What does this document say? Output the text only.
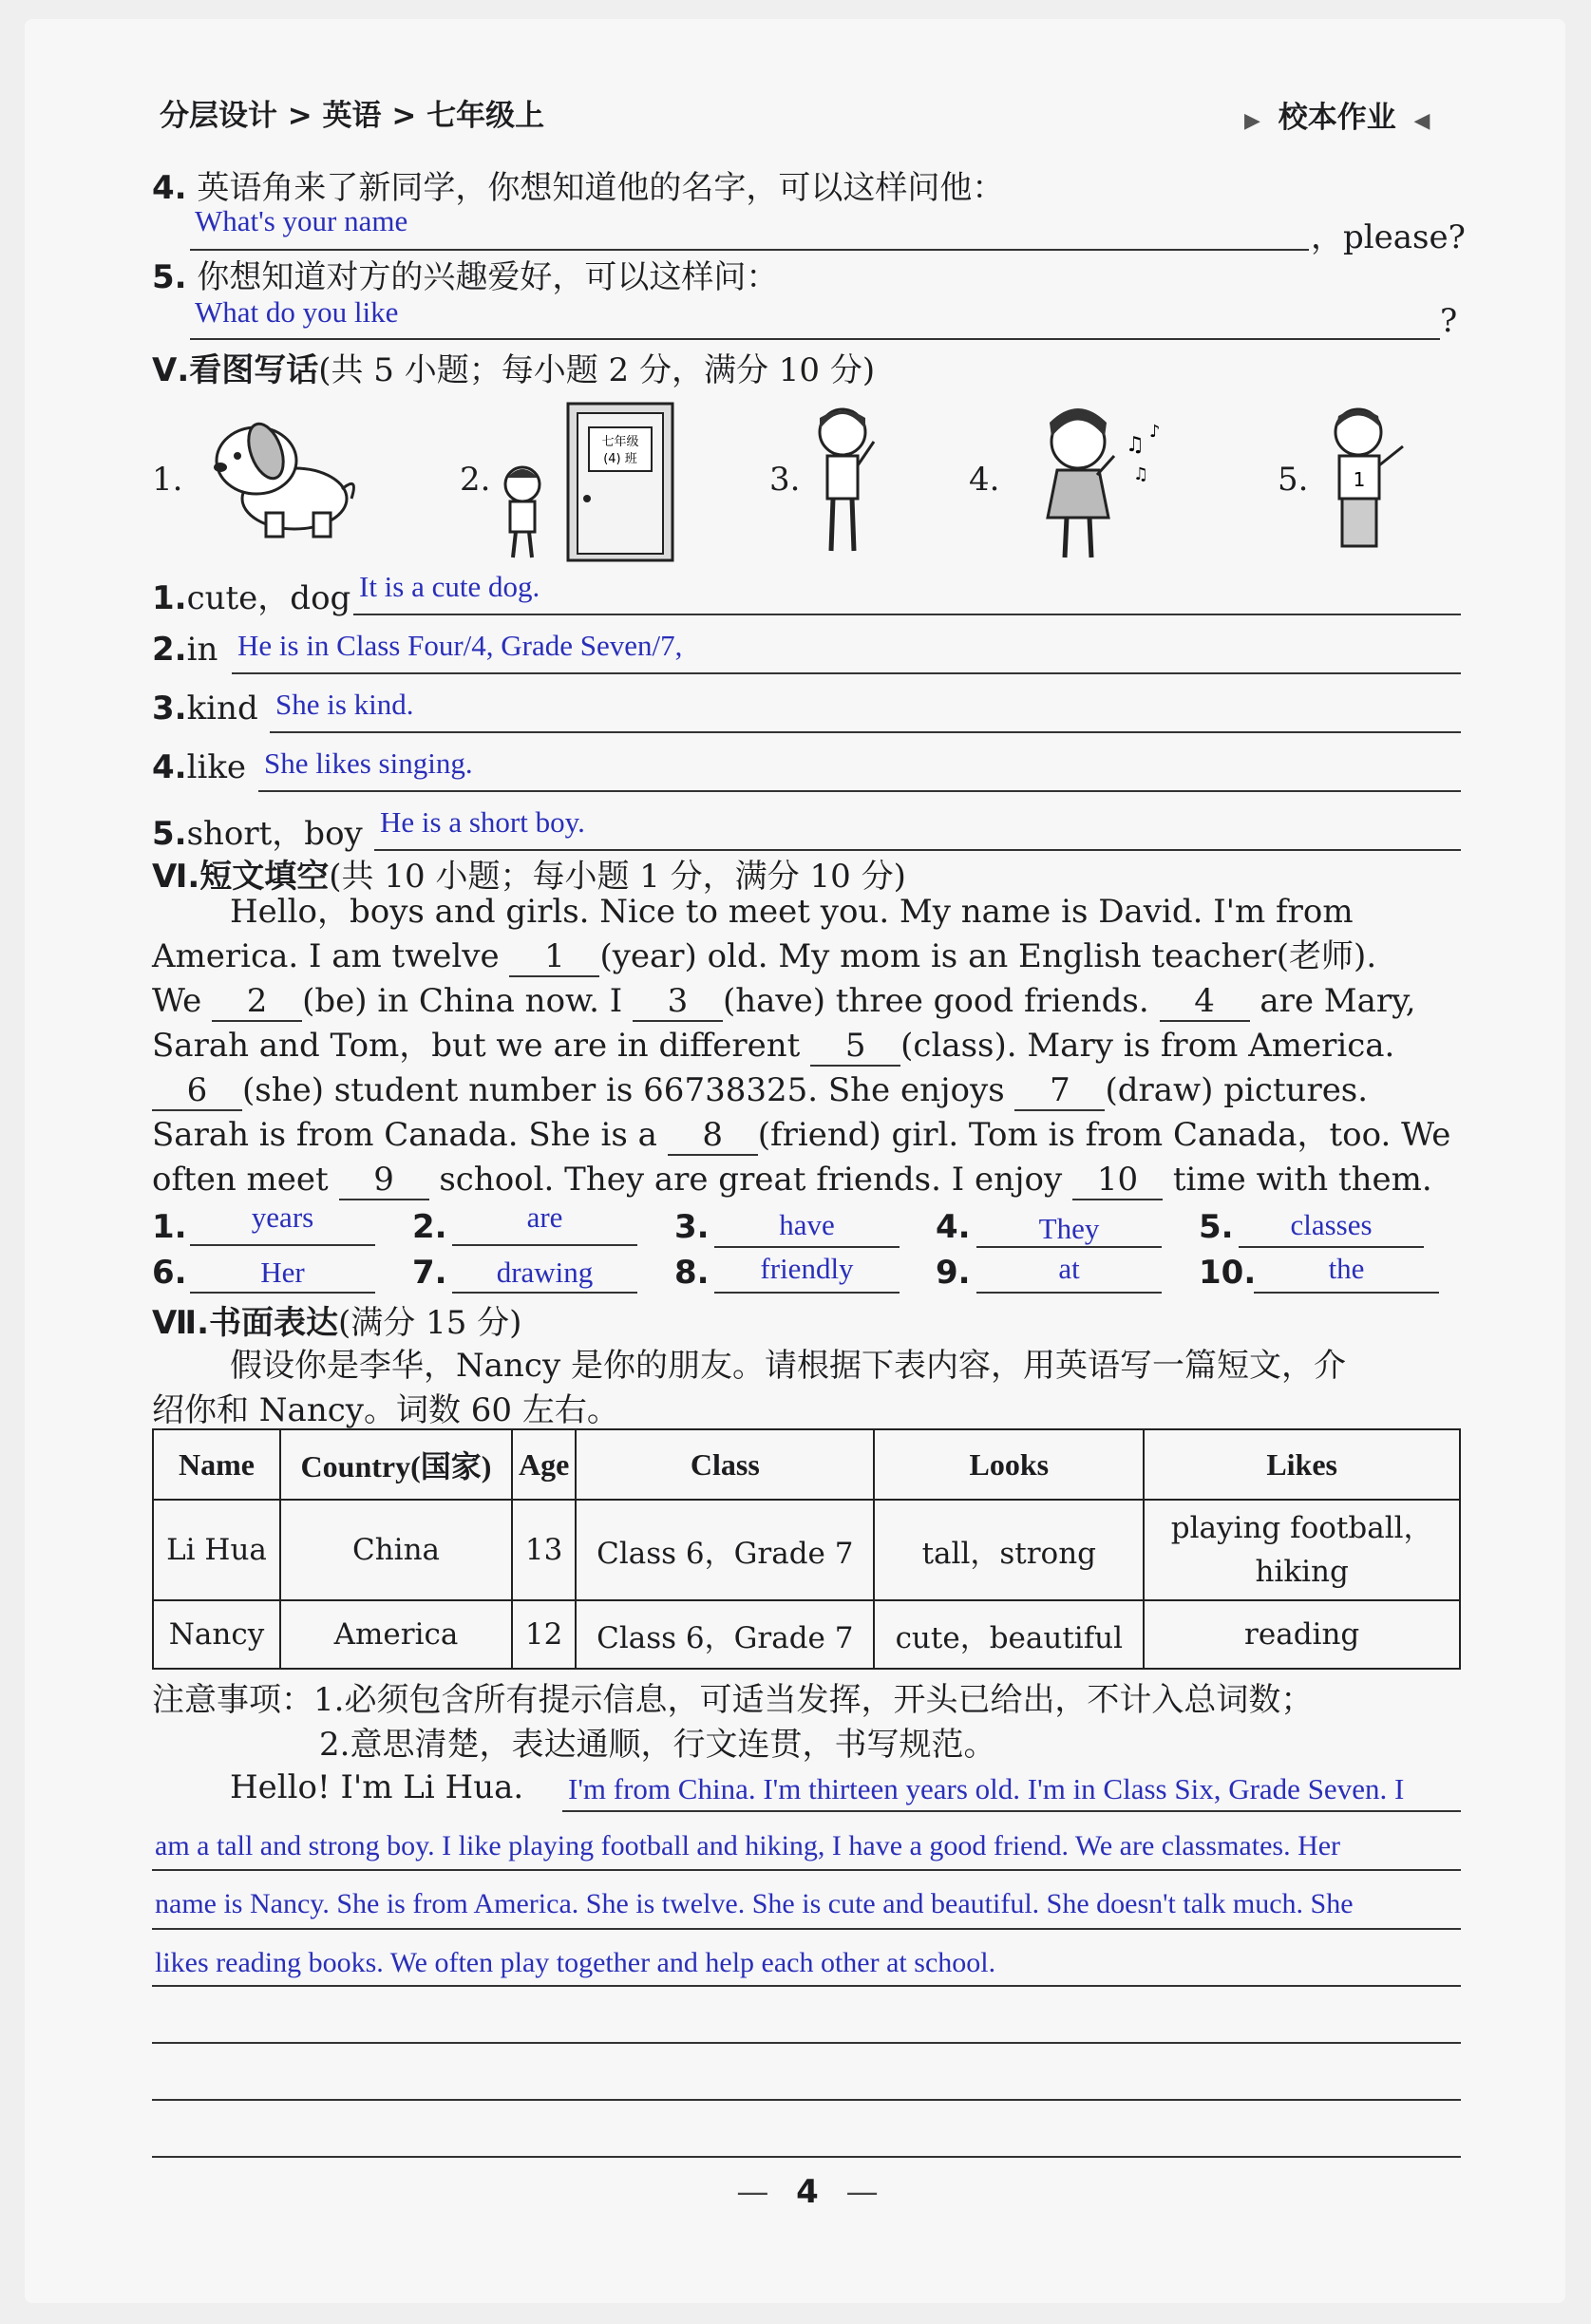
分层设计 > 英语 > 七年级上	▶ 校本作业 ◀
4. 英语角来了新同学，你想知道他的名字，可以这样问他：
What's your name	，please?
5. 你想知道对方的兴趣爱好，可以这样问：
What do you like	?
Ⅴ.看图写话(共 5 小题；每小题 2 分，满分 10 分)
1.	2.
七年级
(4) 班
3.	4.
♫
♪
♫	5. 1
1.cute，dog It is a cute dog.
2.in He is in Class Four/4, Grade Seven/7,
3.kind She is kind.
4.like She likes singing.
5.short，boy He is a short boy.
Ⅵ.短文填空(共 10 小题；每小题 1 分，满分 10 分)
Hello，boys and girls. Nice to meet you. My name is David. I'm from
America. I am twelve 1 (year) old. My mom is an English teacher(老师).
We 2 (be) in China now. I 3 (have) three good friends. 4 are Mary,
Sarah and Tom，but we are in different 5 (class). Mary is from America.
6 (she) student number is 66738325. She enjoys 7 (draw) pictures.
Sarah is from Canada. She is a 8 (friend) girl. Tom is from Canada，too. We
often meet 9 school. They are great friends. I enjoy 10 time with them.
1.	years	2.	are	3.	have	4.	They	5.	classes
6.	Her	7.	drawing	8.	friendly	9.	at	10.	the
Ⅶ.书面表达(满分 15 分)
假设你是李华，Nancy 是你的朋友。请根据下表内容，用英语写一篇短文，介
绍你和 Nancy。词数 60 左右。
Name	Country(国家)	Age	Class	Looks	Likes
Li Hua	China	13	Class 6，Grade 7	tall，strong	playing football，hiking
Nancy	America	12	Class 6，Grade 7	cute，beautiful	reading
注意事项：1.必须包含所有提示信息，可适当发挥，开头已给出，不计入总词数；
2.意思清楚，表达通顺，行文连贯，书写规范。
Hello! I'm Li Hua. I'm from China. I'm thirteen years old. I'm in Class Six, Grade Seven. I
am a tall and strong boy. I like playing football and hiking, I have a good friend. We are classmates. Her
name is Nancy. She is from America. She is twelve. She is cute and beautiful. She doesn't talk much. She
likes reading books. We often play together and help each other at school.
— 4 —
